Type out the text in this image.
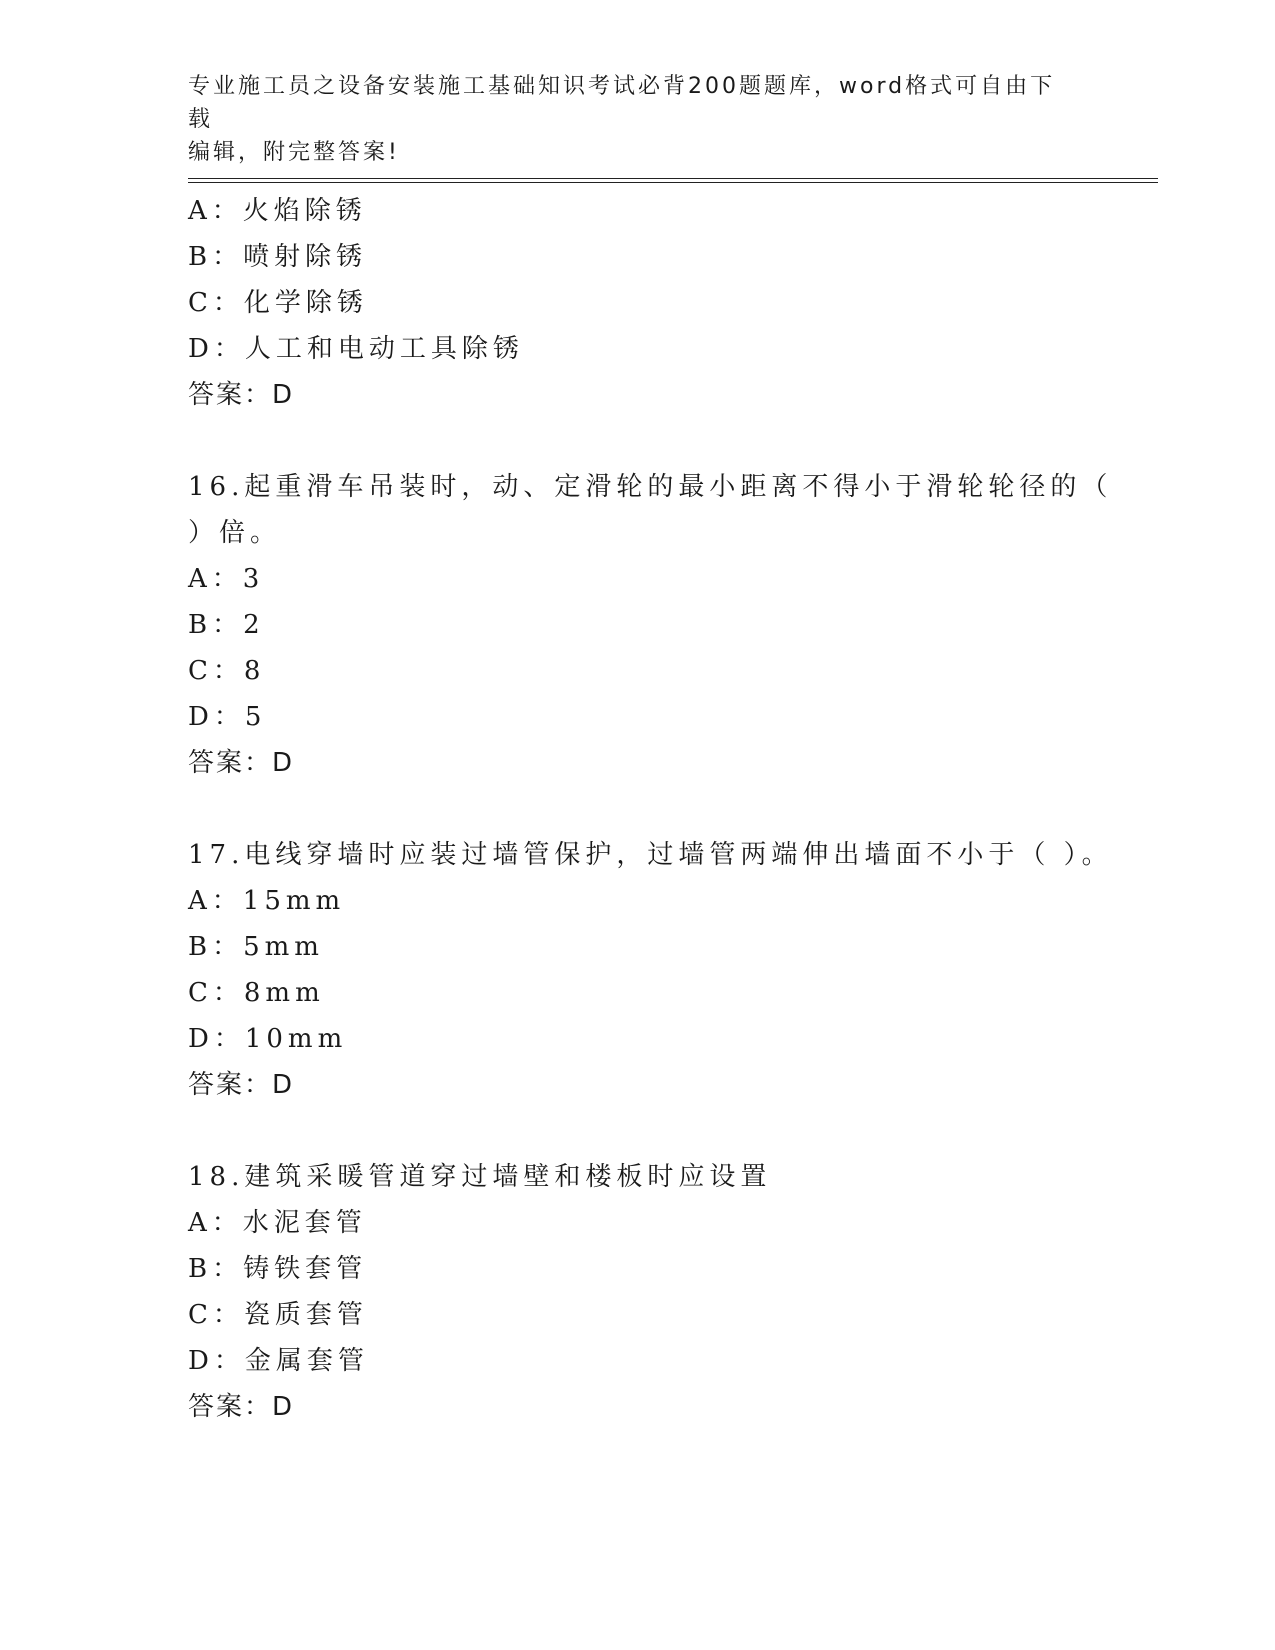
专业施工员之设备安装施工基础知识考试必背200题题库，word格式可自由下载
编辑，附完整答案!
A：火焰除锈
B：喷射除锈
C：化学除锈
D：人工和电动工具除锈
答案：D
16.起重滑车吊装时，动、定滑轮的最小距离不得小于滑轮轮径的（
）倍。
A：3
B：2
C：8
D：5
答案：D
17.电线穿墙时应装过墙管保护，过墙管两端伸出墙面不小于（ ）。
A：15mm
B：5mm
C：8mm
D：10mm
答案：D
18.建筑采暖管道穿过墙壁和楼板时应设置
A：水泥套管
B：铸铁套管
C：瓷质套管
D：金属套管
答案：D
